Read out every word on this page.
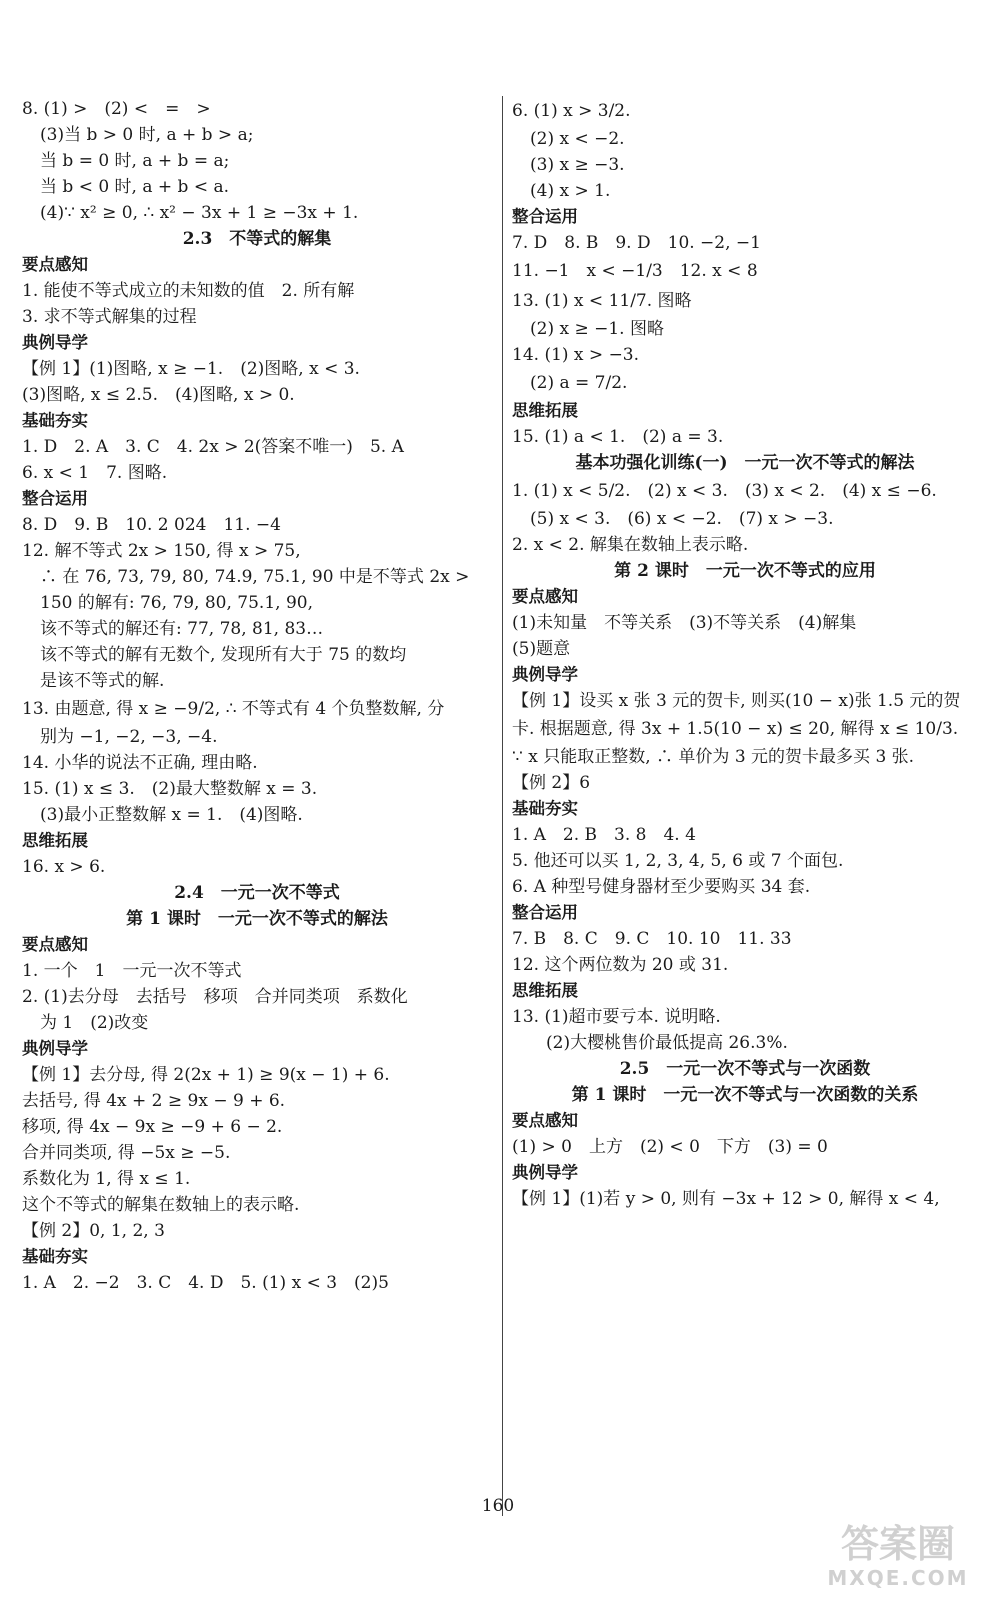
8. (1) >　(2) <　=　>
(3)当 b > 0 时, a + b > a;
当 b = 0 时, a + b = a;
当 b < 0 时, a + b < a.
(4)∵ x² ≥ 0, ∴ x² − 3x + 1 ≥ −3x + 1.
2.3　不等式的解集
要点感知
1. 能使不等式成立的未知数的值　2. 所有解
3. 求不等式解集的过程
典例导学
【例 1】(1)图略, x ≥ −1.　(2)图略, x < 3.
(3)图略, x ≤ 2.5.　(4)图略, x > 0.
基础夯实
1. D　2. A　3. C　4. 2x > 2(答案不唯一)　5. A
6. x < 1　7. 图略.
整合运用
8. D　9. B　10. 2 024　11. −4
12. 解不等式 2x > 150, 得 x > 75,
∴ 在 76, 73, 79, 80, 74.9, 75.1, 90 中是不等式 2x >
150 的解有: 76, 79, 80, 75.1, 90,
该不等式的解还有: 77, 78, 81, 83…
该不等式的解有无数个, 发现所有大于 75 的数均
是该不等式的解.
13. 由题意, 得 x ≥ −9/2, ∴ 不等式有 4 个负整数解, 分
别为 −1, −2, −3, −4.
14. 小华的说法不正确, 理由略.
15. (1) x ≤ 3.　(2)最大整数解 x = 3.
(3)最小正整数解 x = 1.　(4)图略.
思维拓展
16. x > 6.
2.4　一元一次不等式
第 1 课时　一元一次不等式的解法
要点感知
1. 一个　1　一元一次不等式
2. (1)去分母　去括号　移项　合并同类项　系数化
为 1　(2)改变
典例导学
【例 1】去分母, 得 2(2x + 1) ≥ 9(x − 1) + 6.
去括号, 得 4x + 2 ≥ 9x − 9 + 6.
移项, 得 4x − 9x ≥ −9 + 6 − 2.
合并同类项, 得 −5x ≥ −5.
系数化为 1, 得 x ≤ 1.
这个不等式的解集在数轴上的表示略.
【例 2】0, 1, 2, 3
基础夯实
1. A　2. −2　3. C　4. D　5. (1) x < 3　(2)5
6. (1) x > 3/2.
(2) x < −2.
(3) x ≥ −3.
(4) x > 1.
整合运用
7. D　8. B　9. D　10. −2, −1
11. −1　x < −1/3　12. x < 8
13. (1) x < 11/7. 图略
(2) x ≥ −1. 图略
14. (1) x > −3.
(2) a = 7/2.
思维拓展
15. (1) a < 1.　(2) a = 3.
基本功强化训练(一)　一元一次不等式的解法
1. (1) x < 5/2.　(2) x < 3.　(3) x < 2.　(4) x ≤ −6.
(5) x < 3.　(6) x < −2.　(7) x > −3.
2. x < 2. 解集在数轴上表示略.
第 2 课时　一元一次不等式的应用
要点感知
(1)未知量　不等关系　(3)不等关系　(4)解集
(5)题意
典例导学
【例 1】设买 x 张 3 元的贺卡, 则买(10 − x)张 1.5 元的贺
卡. 根据题意, 得 3x + 1.5(10 − x) ≤ 20, 解得 x ≤ 10/3.
∵ x 只能取正整数, ∴ 单价为 3 元的贺卡最多买 3 张.
【例 2】6
基础夯实
1. A　2. B　3. 8　4. 4
5. 他还可以买 1, 2, 3, 4, 5, 6 或 7 个面包.
6. A 种型号健身器材至少要购买 34 套.
整合运用
7. B　8. C　9. C　10. 10　11. 33
12. 这个两位数为 20 或 31.
思维拓展
13. (1)超市要亏本. 说明略.
(2)大樱桃售价最低提高 26.3%.
2.5　一元一次不等式与一次函数
第 1 课时　一元一次不等式与一次函数的关系
要点感知
(1) > 0　上方　(2) < 0　下方　(3) = 0
典例导学
【例 1】(1)若 y > 0, 则有 −3x + 12 > 0, 解得 x < 4,
160
答案圈
MXQE.COM
